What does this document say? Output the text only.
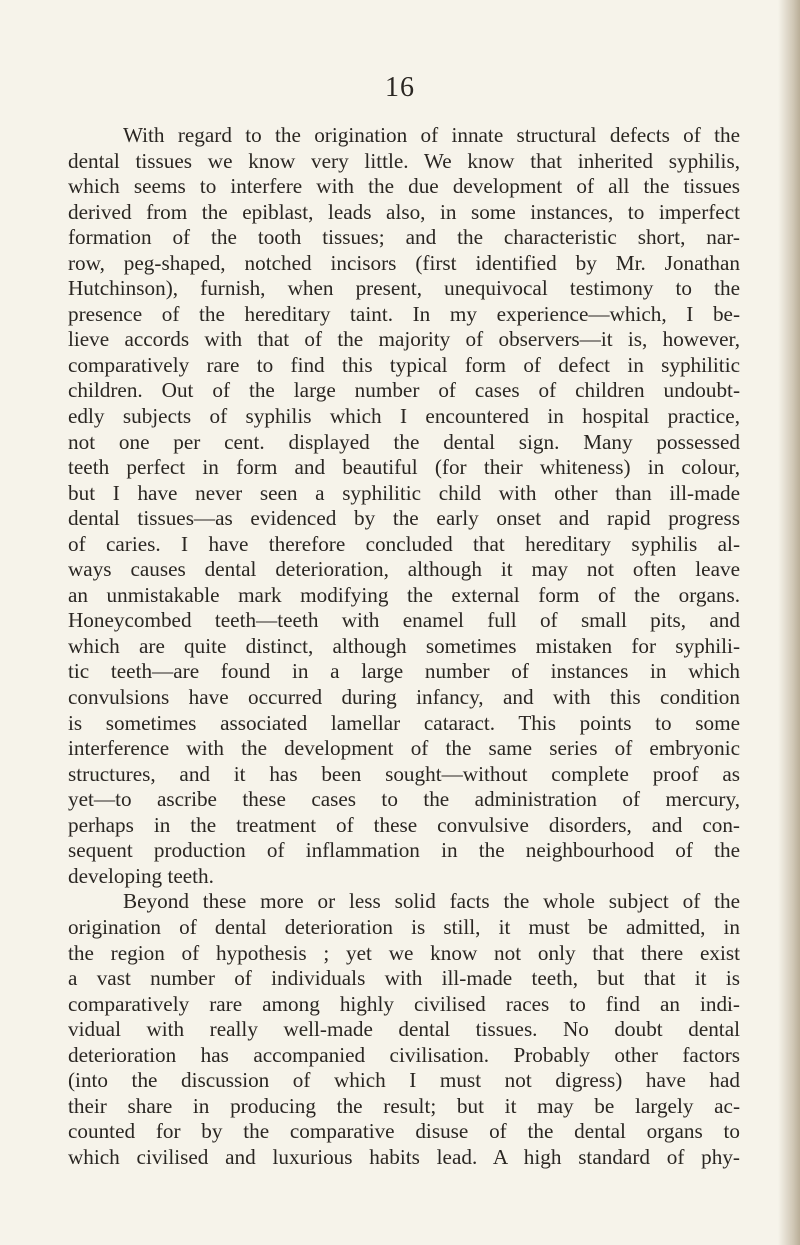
16
With regard to the origination of innate structural defects of the
dental tissues we know very little. We know that inherited syphilis,
which seems to interfere with the due development of all the tissues
derived from the epiblast, leads also, in some instances, to imperfect
formation of the tooth tissues; and the characteristic short, nar-
row, peg-shaped, notched incisors (first identified by Mr. Jonathan
Hutchinson), furnish, when present, unequivocal testimony to the
presence of the hereditary taint. In my experience—which, I be-
lieve accords with that of the majority of observers—it is, however,
comparatively rare to find this typical form of defect in syphilitic
children. Out of the large number of cases of children undoubt-
edly subjects of syphilis which I encountered in hospital practice,
not one per cent. displayed the dental sign. Many possessed
teeth perfect in form and beautiful (for their whiteness) in colour,
but I have never seen a syphilitic child with other than ill-made
dental tissues—as evidenced by the early onset and rapid progress
of caries. I have therefore concluded that hereditary syphilis al-
ways causes dental deterioration, although it may not often leave
an unmistakable mark modifying the external form of the organs.
Honeycombed teeth—teeth with enamel full of small pits, and
which are quite distinct, although sometimes mistaken for syphili-
tic teeth—are found in a large number of instances in which
convulsions have occurred during infancy, and with this condition
is sometimes associated lamellar cataract. This points to some
interference with the development of the same series of embryonic
structures, and it has been sought—without complete proof as
yet—to ascribe these cases to the administration of mercury,
perhaps in the treatment of these convulsive disorders, and con-
sequent production of inflammation in the neighbourhood of the
developing teeth.
Beyond these more or less solid facts the whole subject of the
origination of dental deterioration is still, it must be admitted, in
the region of hypothesis ; yet we know not only that there exist
a vast number of individuals with ill-made teeth, but that it is
comparatively rare among highly civilised races to find an indi-
vidual with really well-made dental tissues. No doubt dental
deterioration has accompanied civilisation. Probably other factors
(into the discussion of which I must not digress) have had
their share in producing the result; but it may be largely ac-
counted for by the comparative disuse of the dental organs to
which civilised and luxurious habits lead. A high standard of phy-
